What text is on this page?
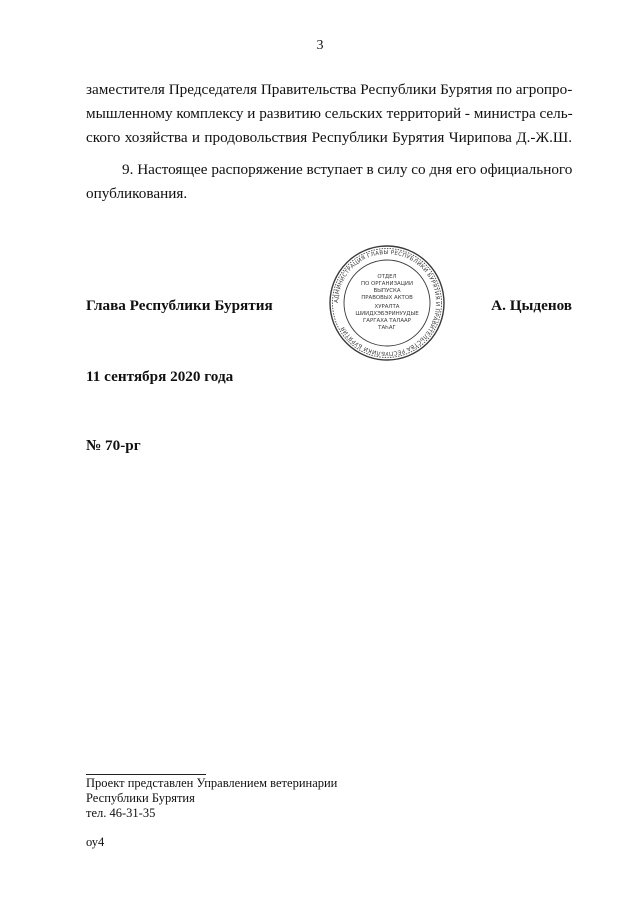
3
заместителя Председателя Правительства Республики Бурятия по агропро-
мышленному комплексу и развитию сельских территорий - министра сель-
ского хозяйства и продовольствия Республики Бурятия Чирипова Д.-Ж.Ш.
9. Настоящее распоряжение вступает в силу со дня его официального
опубликования.
Глава Республики Бурятия	А. Цыденов
АДМИНИСТРАЦИЯ ГЛАВЫ РЕСПУБЛИКИ БУРЯТИЯ И ПРАВИТЕЛЬСТВА РЕСПУБЛИКИ БУРЯТИЯ
ОТДЕЛ
ПО ОРГАНИЗАЦИИ
ВЫПУСКА
ПРАВОВЫХ АКТОВ
ХУРАЛТА
ШИИДХЭБЭРИНУУДЫЕ
ГАРГАХА ТАЛААР
ТАҺАГ
11 сентября 2020 года
№ 70-рг
Проект представлен Управлением ветеринарии
Республики Бурятия
тел. 46-31-35
оу4
